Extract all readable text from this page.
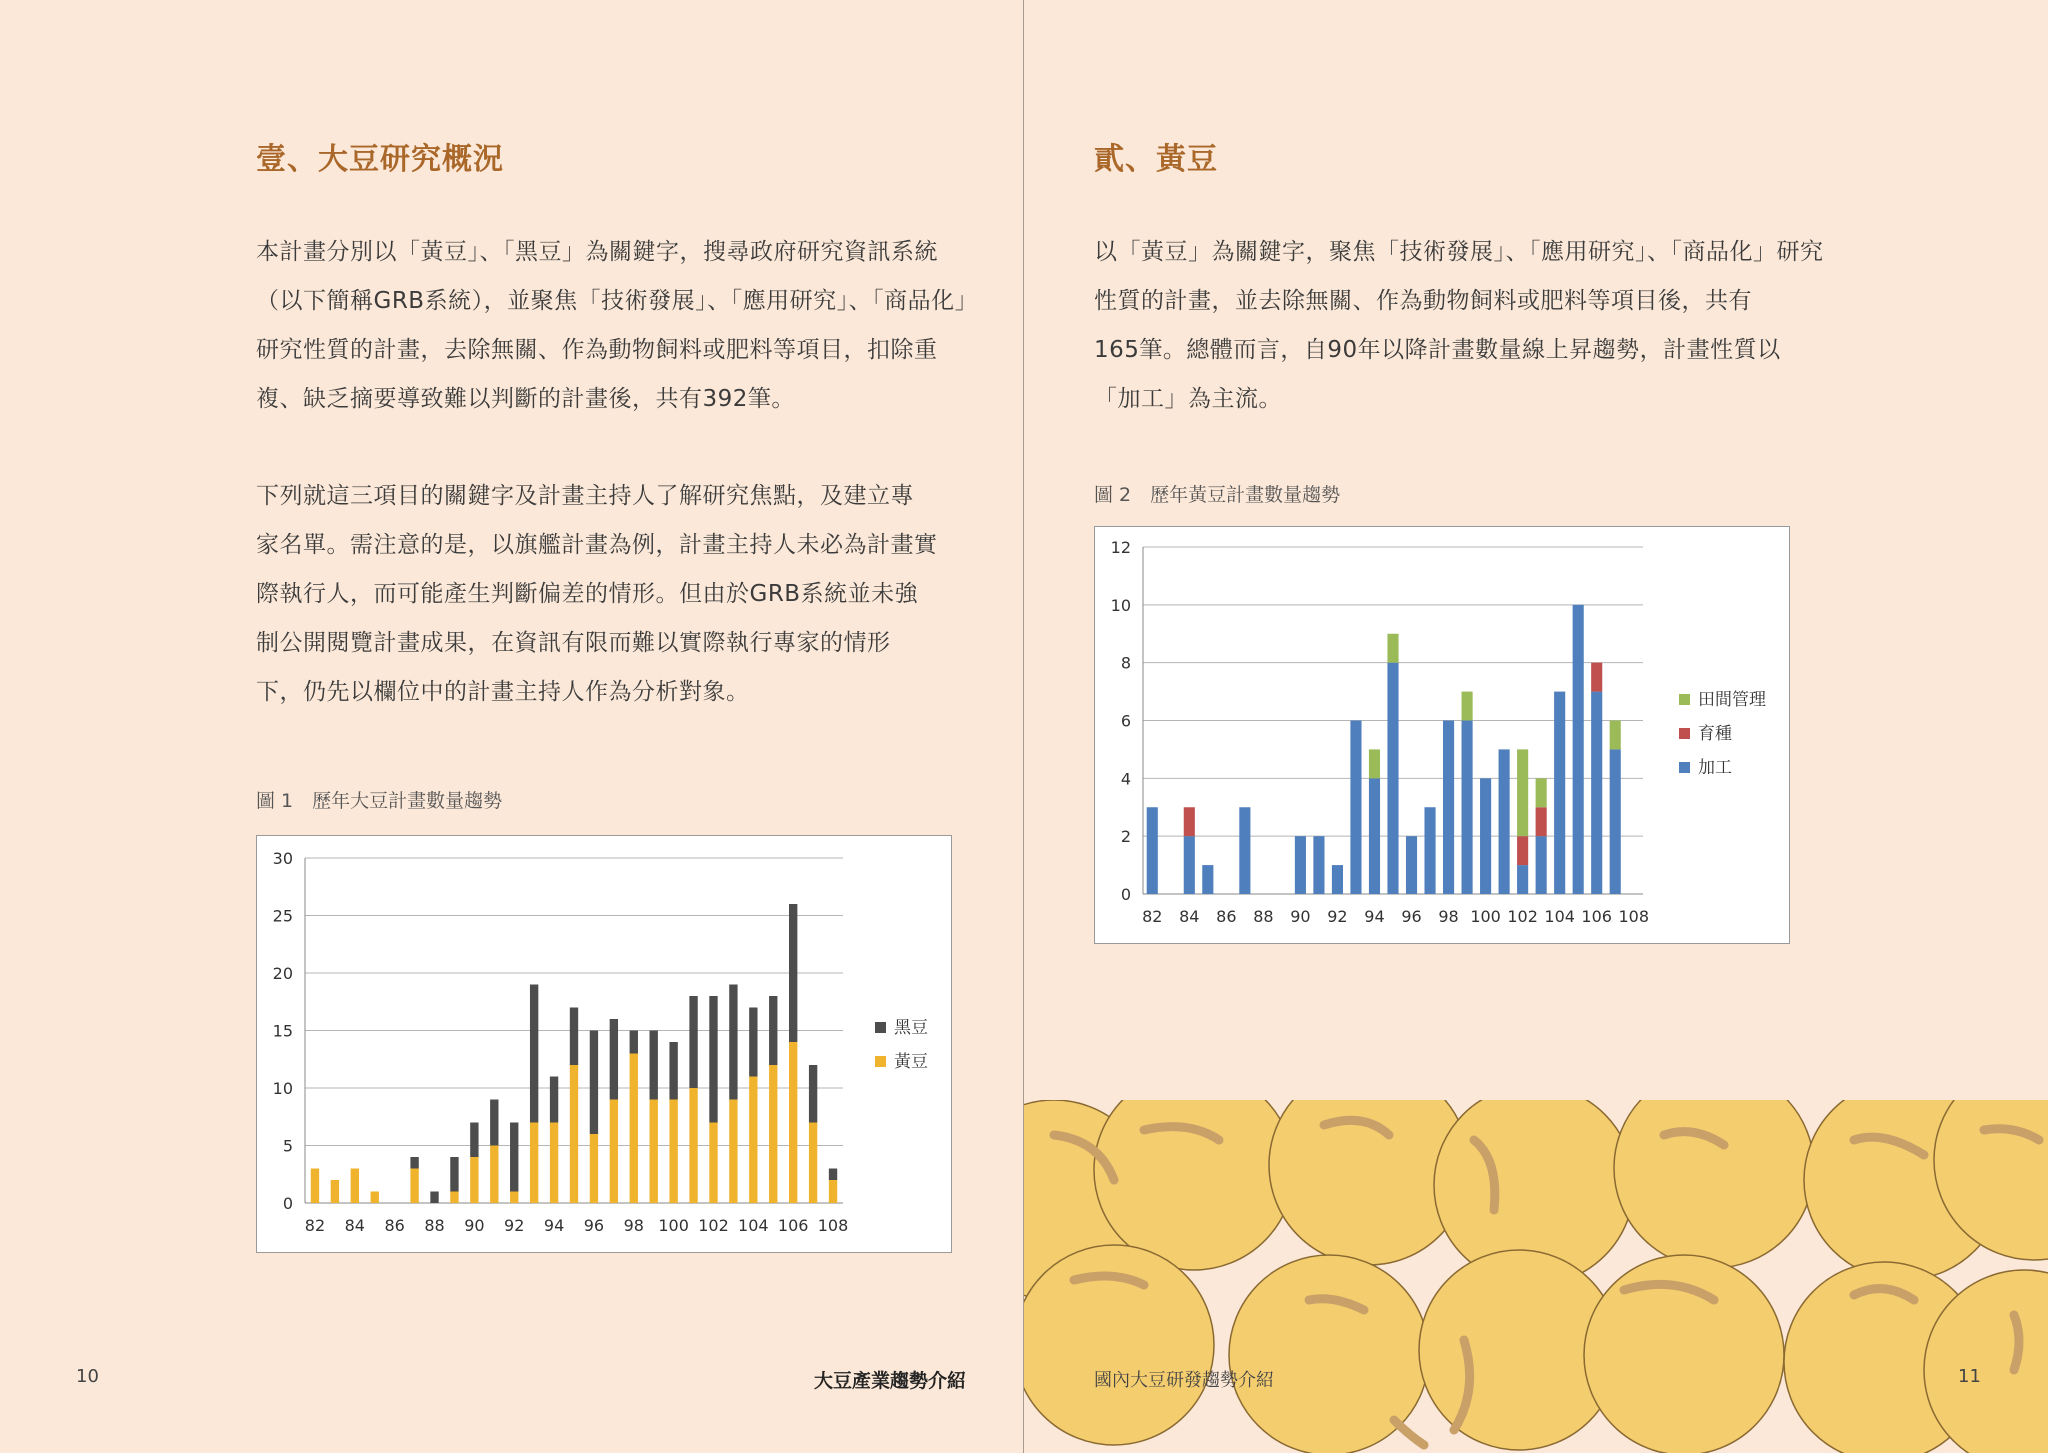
壹、大豆研究概況
本計畫分別以「黃豆」、「黑豆」為關鍵字，搜尋政府研究資訊系統
（以下簡稱GRB系統），並聚焦「技術發展」、「應用研究」、「商品化」
研究性質的計畫，去除無關、作為動物飼料或肥料等項目，扣除重
複、缺乏摘要導致難以判斷的計畫後，共有392筆。
下列就這三項目的關鍵字及計畫主持人了解研究焦點，及建立專
家名單。需注意的是，以旗艦計畫為例，計畫主持人未必為計畫實
際執行人，而可能產生判斷偏差的情形。但由於GRB系統並未強
制公開閱覽計畫成果，在資訊有限而難以實際執行專家的情形
下，仍先以欄位中的計畫主持人作為分析對象。
圖 1　歷年大豆計畫數量趨勢
0
5
10
15
20
25
30
82 84 86 88 90 92 94 96 98 100 102 104 106 108
黑豆
黃豆
10	大豆產業趨勢介紹
貳、黃豆
以「黃豆」為關鍵字，聚焦「技術發展」、「應用研究」、「商品化」研究
性質的計畫，並去除無關、作為動物飼料或肥料等項目後，共有
165筆。總體而言，自90年以降計畫數量線上昇趨勢，計畫性質以
「加工」為主流。
圖 2　歷年黃豆計畫數量趨勢
0
2
4
6
8
10
12
82 84 86 88 90 92 94 96 98 100 102 104 106 108
田間管理
育種
加工
國內大豆研發趨勢介紹	11
